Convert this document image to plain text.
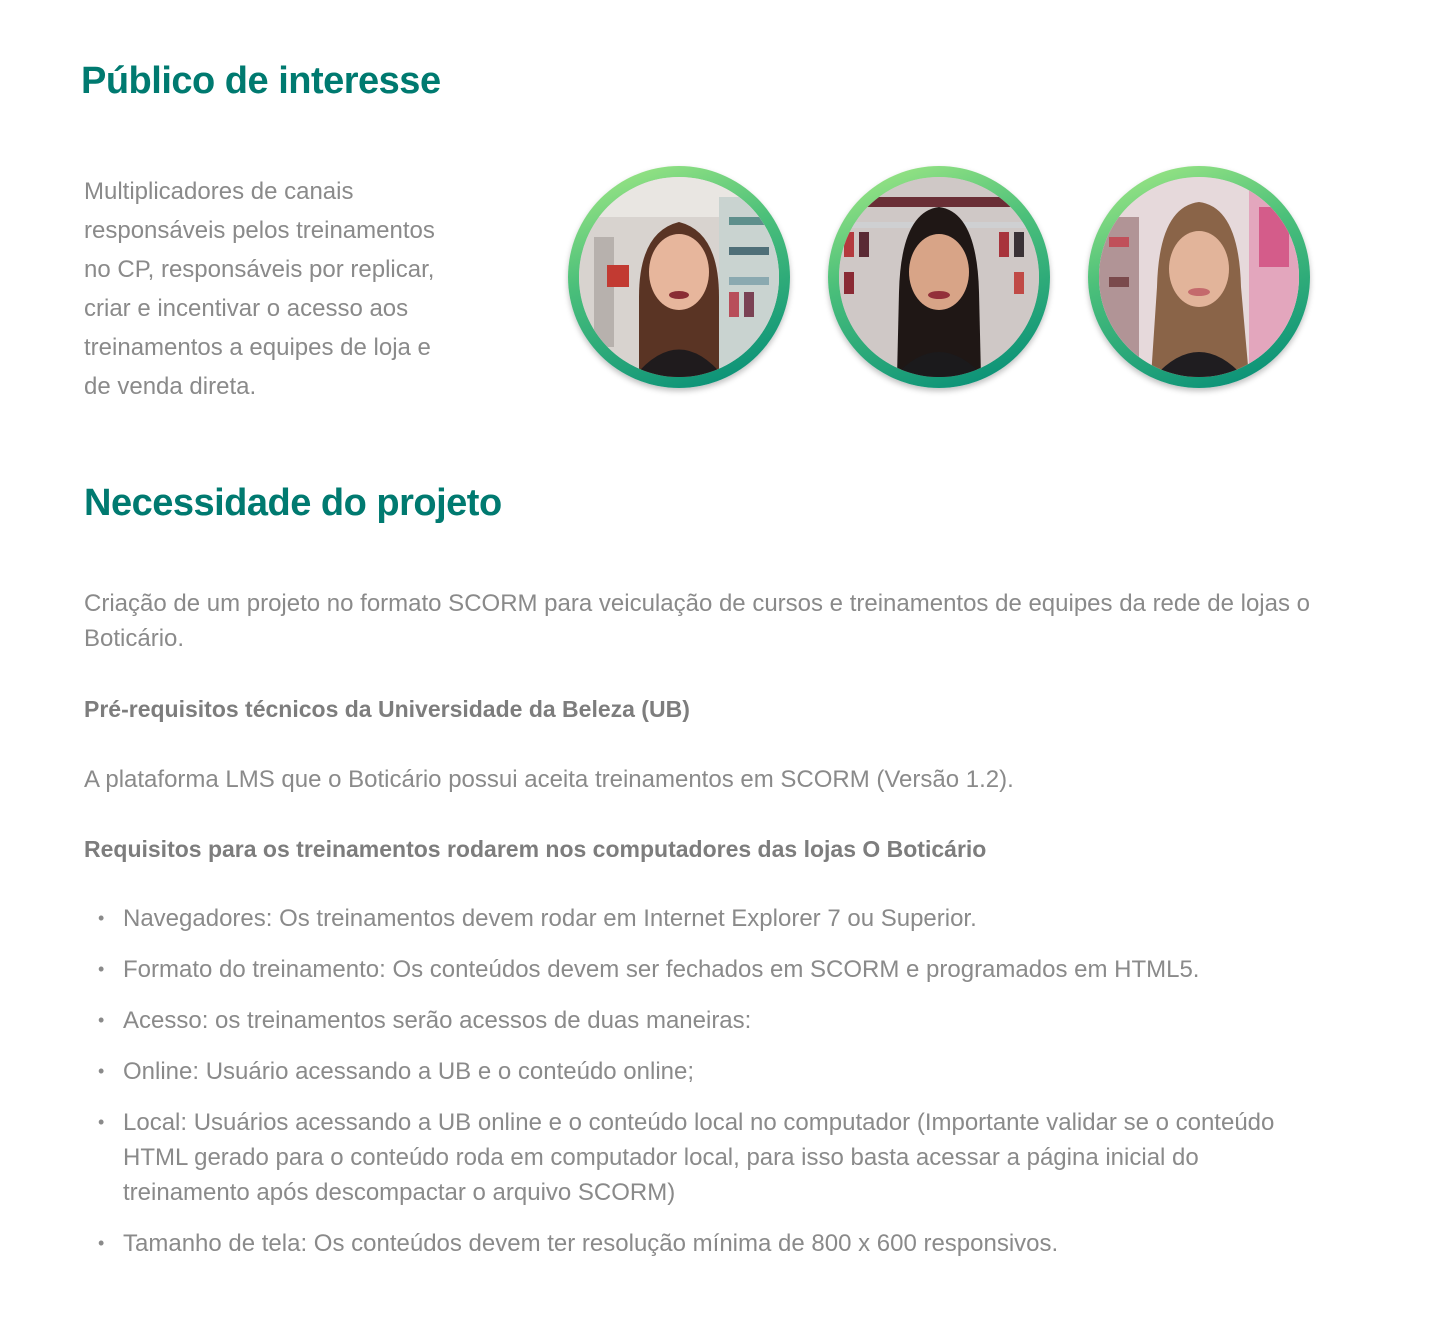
Público de interesse

Multiplicadores de canais responsáveis pelos treinamentos no CP, responsáveis por replicar, criar e incentivar o acesso aos treinamentos a equipes de loja e de venda direta.

Necessidade do projeto

Criação de um projeto no formato SCORM para veiculação de cursos e treinamentos de equipes da rede de lojas o Boticário.

Pré-requisitos técnicos da Universidade da Beleza (UB)

A plataforma LMS que o Boticário possui aceita treinamentos em SCORM (Versão 1.2).

Requisitos para os treinamentos rodarem nos computadores das lojas O Boticário
• Navegadores: Os treinamentos devem rodar em Internet Explorer 7 ou Superior.
• Formato do treinamento: Os conteúdos devem ser fechados em SCORM e programados em HTML5.
• Acesso: os treinamentos serão acessos de duas maneiras:
• Online: Usuário acessando a UB e o conteúdo online;
• Local: Usuários acessando a UB online e o conteúdo local no computador (Importante validar se o conteúdo HTML gerado para o conteúdo roda em computador local, para isso basta acessar a página inicial do treinamento após descompactar o arquivo SCORM)
• Tamanho de tela: Os conteúdos devem ter resolução mínima de 800 x 600 responsivos.
